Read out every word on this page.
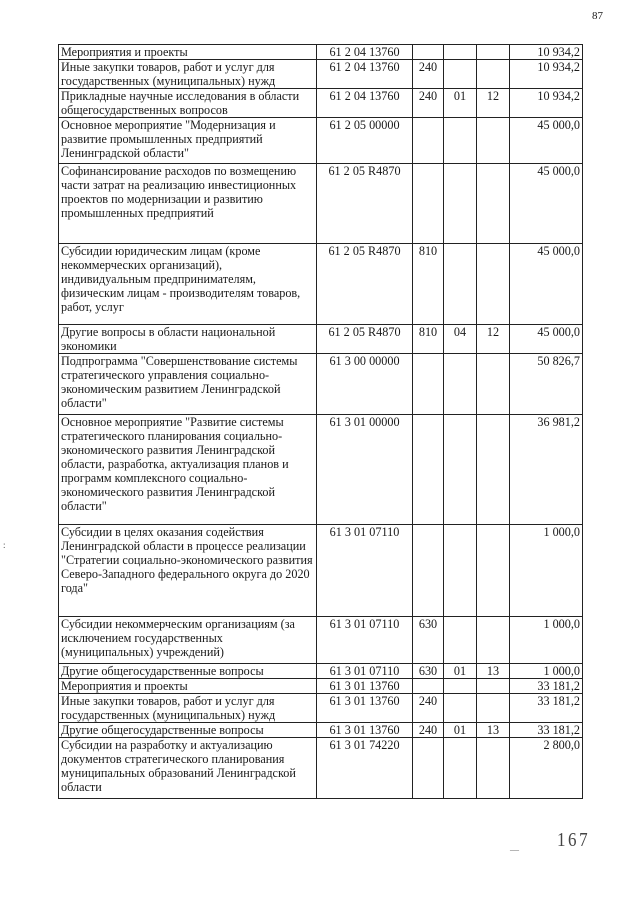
87
:
Мероприятия и проекты	61 2 04 13760				10 934,2
Иные закупки товаров, работ и услуг для государственных (муниципальных) нужд	61 2 04 13760	240			10 934,2
Прикладные научные исследования в области общегосударственных вопросов	61 2 04 13760	240	01	12	10 934,2
Основное мероприятие "Модернизация и развитие промышленных предприятий Ленинградской области"	61 2 05 00000				45 000,0
Софинансирование расходов по возмещению части затрат на реализацию инвестиционных проектов по модернизации и развитию промышленных предприятий	61 2 05 R4870				45 000,0
Субсидии юридическим лицам (кроме некоммерческих организаций), индивидуальным предпринимателям, физическим лицам - производителям товаров, работ, услуг	61 2 05 R4870	810			45 000,0
Другие вопросы в области национальной экономики	61 2 05 R4870	810	04	12	45 000,0
Подпрограмма "Совершенствование системы стратегического управления социально-экономическим развитием Ленинградской области"	61 3 00 00000				50 826,7
Основное мероприятие "Развитие системы стратегического планирования социально-экономического развития Ленинградской области, разработка, актуализация планов и программ комплексного социально-экономического развития Ленинградской области"	61 3 01 00000				36 981,2
Субсидии в целях оказания содействия Ленинградской области в процессе реализации "Стратегии социально-экономического развития Северо-Западного федерального округа до 2020 года"	61 3 01 07110				1 000,0
Субсидии некоммерческим организациям (за исключением государственных (муниципальных) учреждений)	61 3 01 07110	630			1 000,0
Другие общегосударственные вопросы	61 3 01 07110	630	01	13	1 000,0
Мероприятия и проекты	61 3 01 13760				33 181,2
Иные закупки товаров, работ и услуг для государственных (муниципальных) нужд	61 3 01 13760	240			33 181,2
Другие общегосударственные вопросы	61 3 01 13760	240	01	13	33 181,2
Субсидии на разработку и актуализацию документов стратегического планирования муниципальных образований Ленинградской области	61 3 01 74220				2 800,0
— 167
